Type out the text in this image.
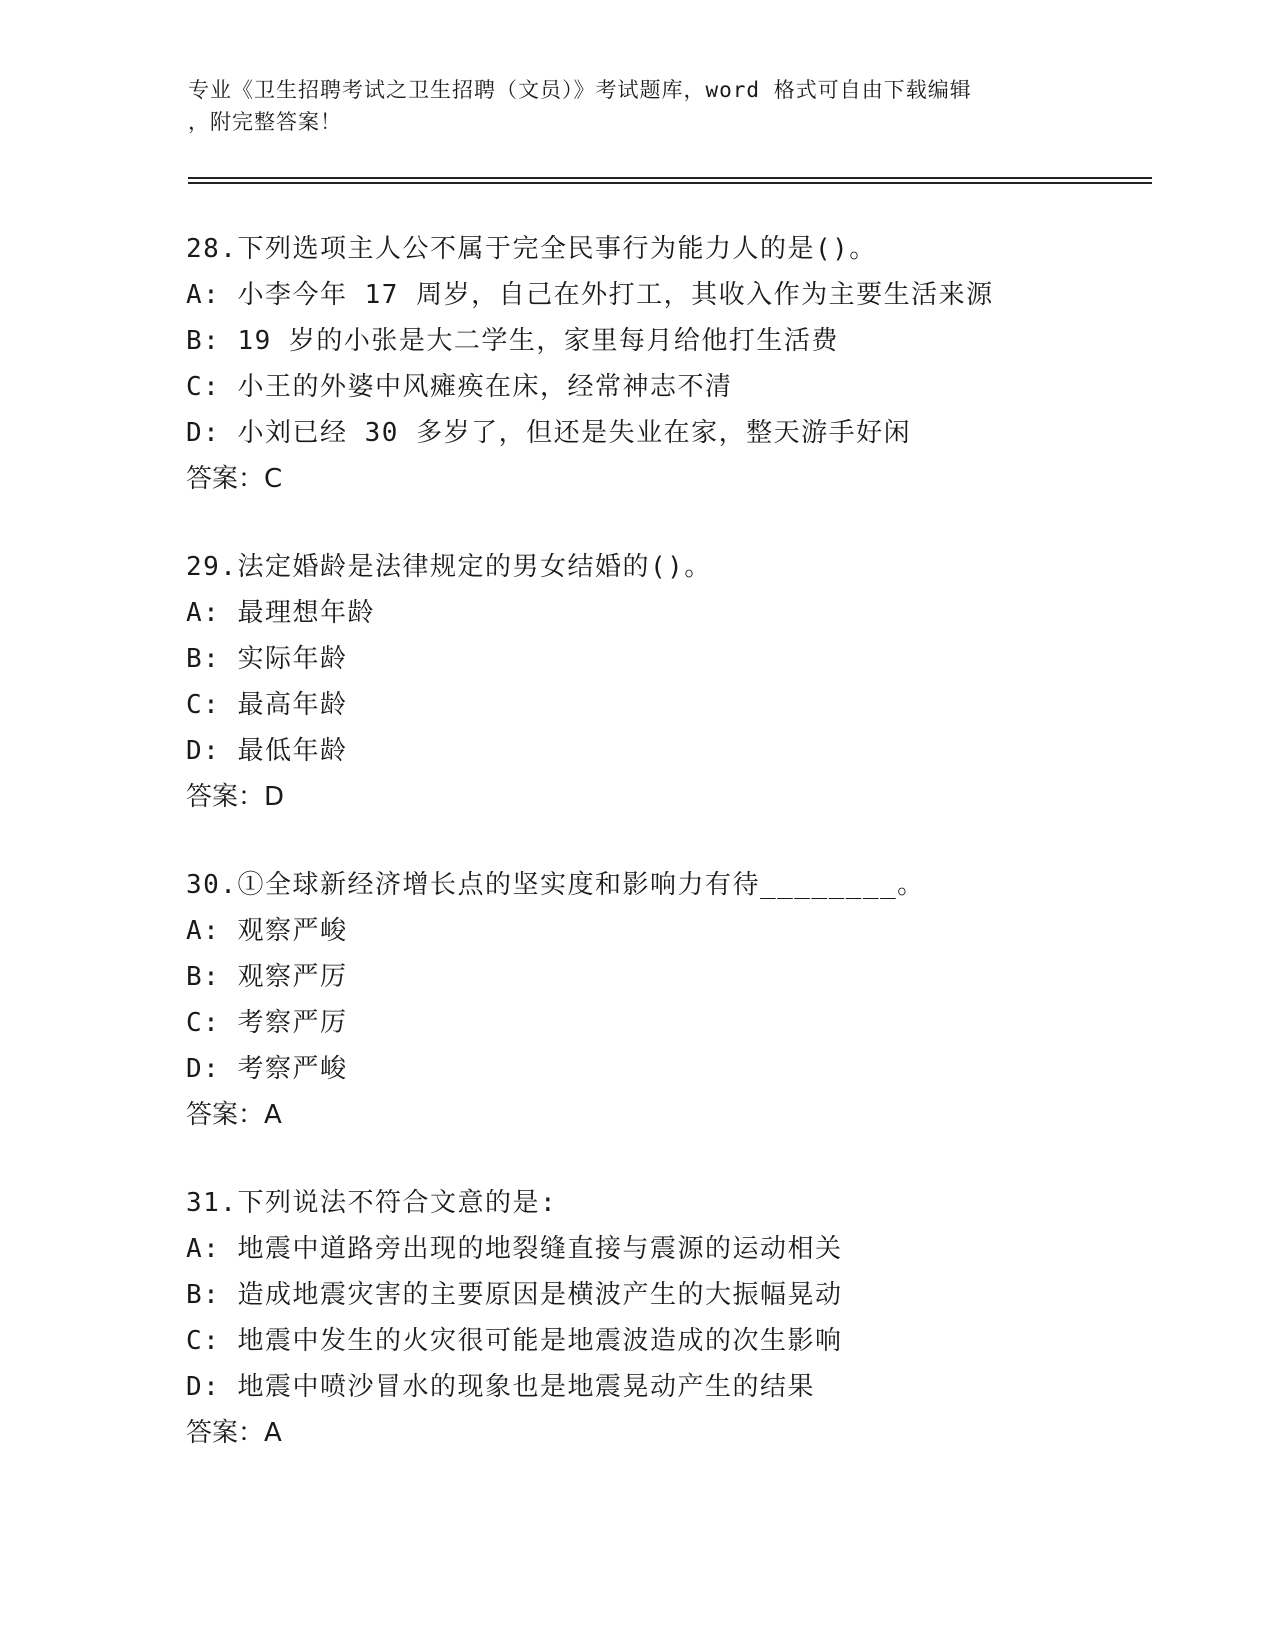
专业《卫生招聘考试之卫生招聘（文员）》考试题库，word 格式可自由下载编辑
，附完整答案！
28.下列选项主人公不属于完全民事行为能力人的是()。
A: 小李今年 17 周岁，自己在外打工，其收入作为主要生活来源
B: 19 岁的小张是大二学生，家里每月给他打生活费
C: 小王的外婆中风瘫痪在床，经常神志不清
D: 小刘已经 30 多岁了，但还是失业在家，整天游手好闲
答案：C
29.法定婚龄是法律规定的男女结婚的()。
A: 最理想年龄
B: 实际年龄
C: 最高年龄
D: 最低年龄
答案：D
30.①全球新经济增长点的坚实度和影响力有待________。
A: 观察严峻
B: 观察严厉
C: 考察严厉
D: 考察严峻
答案：A
31.下列说法不符合文意的是:
A: 地震中道路旁出现的地裂缝直接与震源的运动相关
B: 造成地震灾害的主要原因是横波产生的大振幅晃动
C: 地震中发生的火灾很可能是地震波造成的次生影响
D: 地震中喷沙冒水的现象也是地震晃动产生的结果
答案：A
